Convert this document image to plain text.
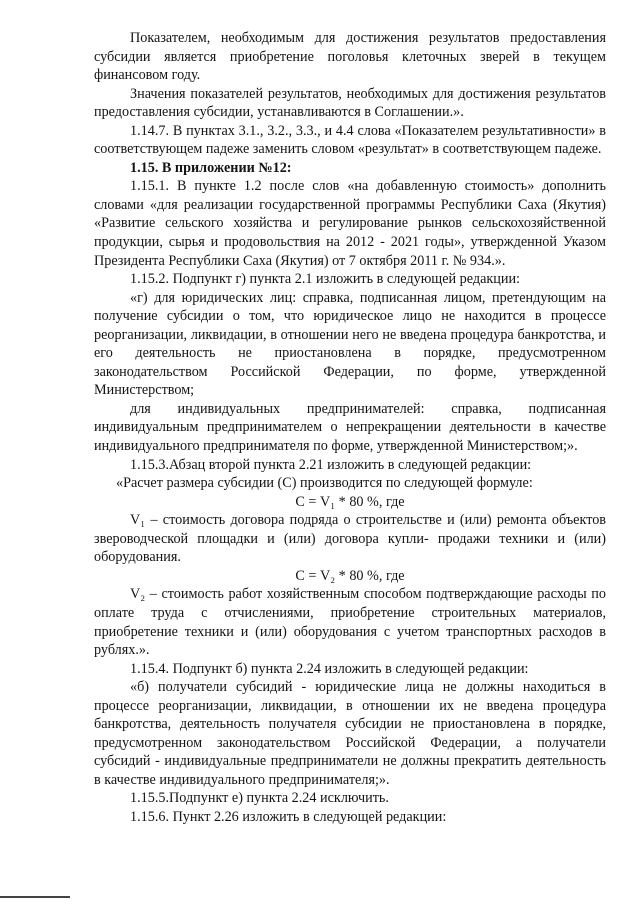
Показателем, необходимым для достижения результатов предоставления субсидии является приобретение поголовья клеточных зверей в текущем финансовом году.

Значения показателей результатов, необходимых для достижения результатов предоставления субсидии, устанавливаются в Соглашении.».

1.14.7. В пунктах 3.1., 3.2., 3.3., и 4.4 слова «Показателем результативности» в соответствующем падеже заменить словом «результат» в соответствующем падеже.

1.15. В приложении №12:

1.15.1. В пункте 1.2 после слов «на добавленную стоимость» дополнить словами «для реализации государственной программы Республики Саха (Якутия) «Развитие сельского хозяйства и регулирование рынков сельскохозяйственной продукции, сырья и продовольствия на 2012 - 2021 годы», утвержденной Указом Президента Республики Саха (Якутия) от 7 октября 2011 г. № 934.».

1.15.2. Подпункт г) пункта 2.1 изложить в следующей редакции:

«г) для юридических лиц: справка, подписанная лицом, претендующим на получение субсидии о том, что юридическое лицо не находится в процессе реорганизации, ликвидации, в отношении него не введена процедура банкротства, и его деятельность не приостановлена в порядке, предусмотренном законодательством Российской Федерации, по форме, утвержденной Министерством;

для индивидуальных предпринимателей: справка, подписанная индивидуальным предпринимателем о непрекращении деятельности в качестве индивидуального предпринимателя по форме, утвержденной Министерством;».

1.15.3.Абзац второй пункта 2.21 изложить в следующей редакции:

«Расчет размера субсидии (С) производится по следующей формуле:

С = V₁ * 80 %, где

V₁ – стоимость договора подряда о строительстве и (или) ремонта объектов звероводческой площадки и (или) договора купли- продажи техники и (или) оборудования.

С = V₂ * 80 %, где

V₂ – стоимость работ хозяйственным способом подтверждающие расходы по оплате труда с отчислениями, приобретение строительных материалов, приобретение техники и (или) оборудования с учетом транспортных расходов в рублях.».

1.15.4. Подпункт б) пункта 2.24 изложить в следующей редакции:

«б) получатели субсидий - юридические лица не должны находиться в процессе реорганизации, ликвидации, в отношении их не введена процедура банкротства, деятельность получателя субсидии не приостановлена в порядке, предусмотренном законодательством Российской Федерации, а получатели субсидий - индивидуальные предприниматели не должны прекратить деятельность в качестве индивидуального предпринимателя;».

1.15.5.Подпункт е) пункта 2.24 исключить.

1.15.6. Пункт 2.26 изложить в следующей редакции:
